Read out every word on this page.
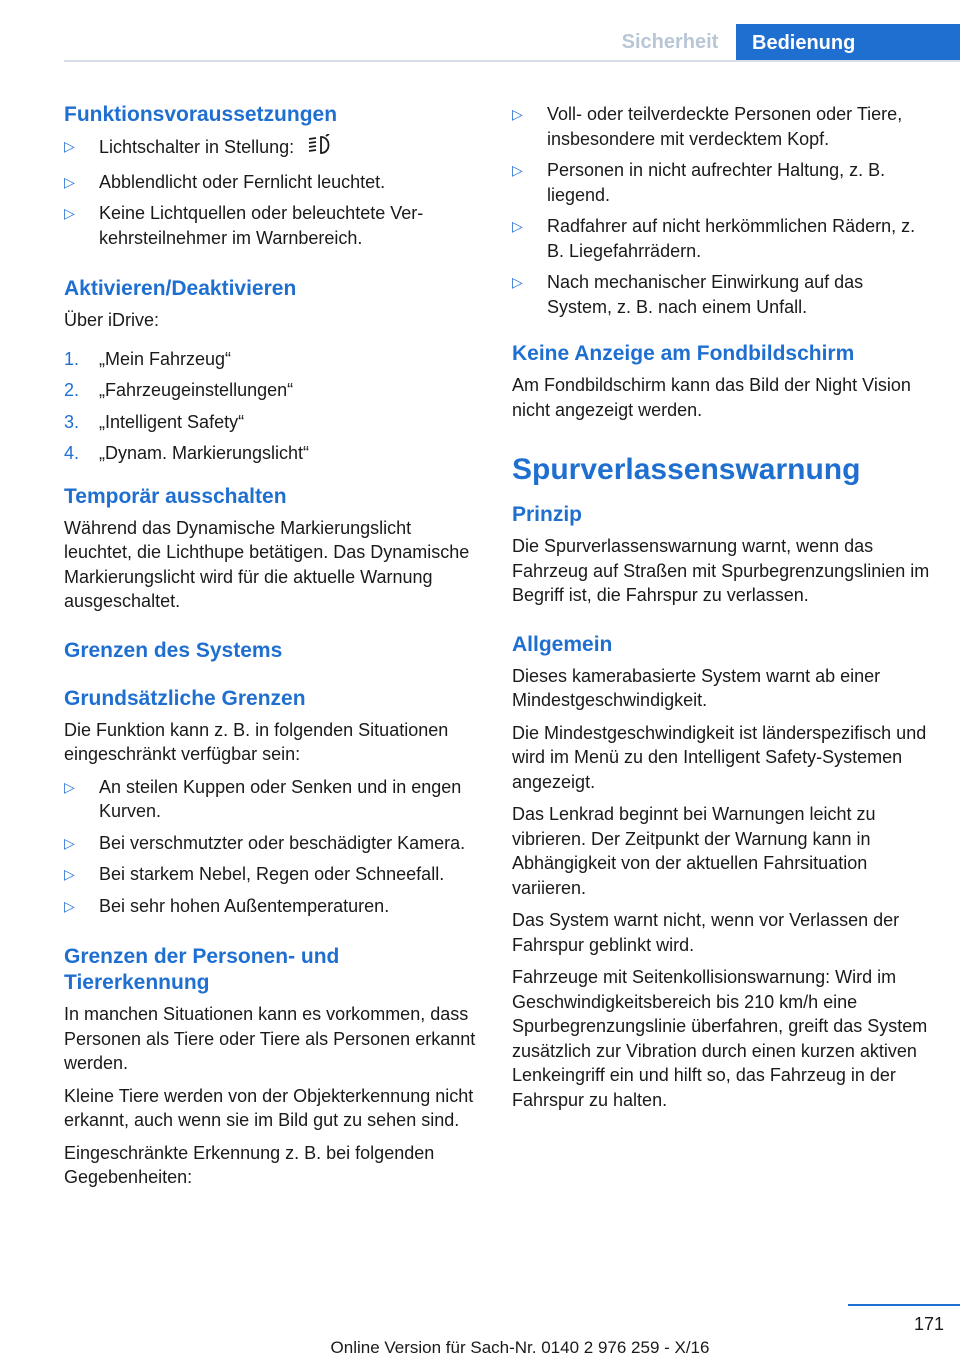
Sicherheit	Bedienung
Funktionsvoraussetzungen
▷ Lichtschalter in Stellung:
▷ Abblendlicht oder Fernlicht leuchtet.
▷ Keine Lichtquellen oder beleuchtete Verkehrsteilnehmer im Warnbereich.
Aktivieren/Deaktivieren

Über iDrive:

1. „Mein Fahrzeug“
2. „Fahrzeugeinstellungen“
3. „Intelligent Safety“
4. „Dynam. Markierungslicht“
Temporär ausschalten

Während das Dynamische Markierungslicht leuchtet, die Lichthupe betätigen. Das Dynamische Markierungslicht wird für die aktuelle Warnung ausgeschaltet.

Grenzen des Systems
Grundsätzliche Grenzen

Die Funktion kann z. B. in folgenden Situationen eingeschränkt verfügbar sein:

▷ An steilen Kuppen oder Senken und in engen Kurven.
▷ Bei verschmutzter oder beschädigter Kamera.
▷ Bei starkem Nebel, Regen oder Schneefall.
▷ Bei sehr hohen Außentemperaturen.
Grenzen der Personen- und Tiererkennung

In manchen Situationen kann es vorkommen, dass Personen als Tiere oder Tiere als Personen erkannt werden.

Kleine Tiere werden von der Objekterkennung nicht erkannt, auch wenn sie im Bild gut zu sehen sind.

Eingeschränkte Erkennung z. B. bei folgenden Gegebenheiten:

▷ Voll- oder teilverdeckte Personen oder Tiere, insbesondere mit verdecktem Kopf.
▷ Personen in nicht aufrechter Haltung, z. B. liegend.
▷ Radfahrer auf nicht herkömmlichen Rädern, z. B. Liegefahrrädern.
▷ Nach mechanischer Einwirkung auf das System, z. B. nach einem Unfall.
Keine Anzeige am Fondbildschirm

Am Fondbildschirm kann das Bild der Night Vision nicht angezeigt werden.

Spurverlassenswarnung
Prinzip

Die Spurverlassenswarnung warnt, wenn das Fahrzeug auf Straßen mit Spurbegrenzungslinien im Begriff ist, die Fahrspur zu verlassen.

Allgemein

Dieses kamerabasierte System warnt ab einer Mindestgeschwindigkeit.

Die Mindestgeschwindigkeit ist länderspezifisch und wird im Menü zu den Intelligent Safety-Systemen angezeigt.

Das Lenkrad beginnt bei Warnungen leicht zu vibrieren. Der Zeitpunkt der Warnung kann in Abhängigkeit von der aktuellen Fahrsituation variieren.

Das System warnt nicht, wenn vor Verlassen der Fahrspur geblinkt wird.

Fahrzeuge mit Seitenkollisionswarnung: Wird im Geschwindigkeitsbereich bis 210 km/h eine Spurbegrenzungslinie überfahren, greift das System zusätzlich zur Vibration durch einen kurzen aktiven Lenkeingriff ein und hilft so, das Fahrzeug in der Fahrspur zu halten.

171
Online Version für Sach-Nr. 0140 2 976 259 - X/16
